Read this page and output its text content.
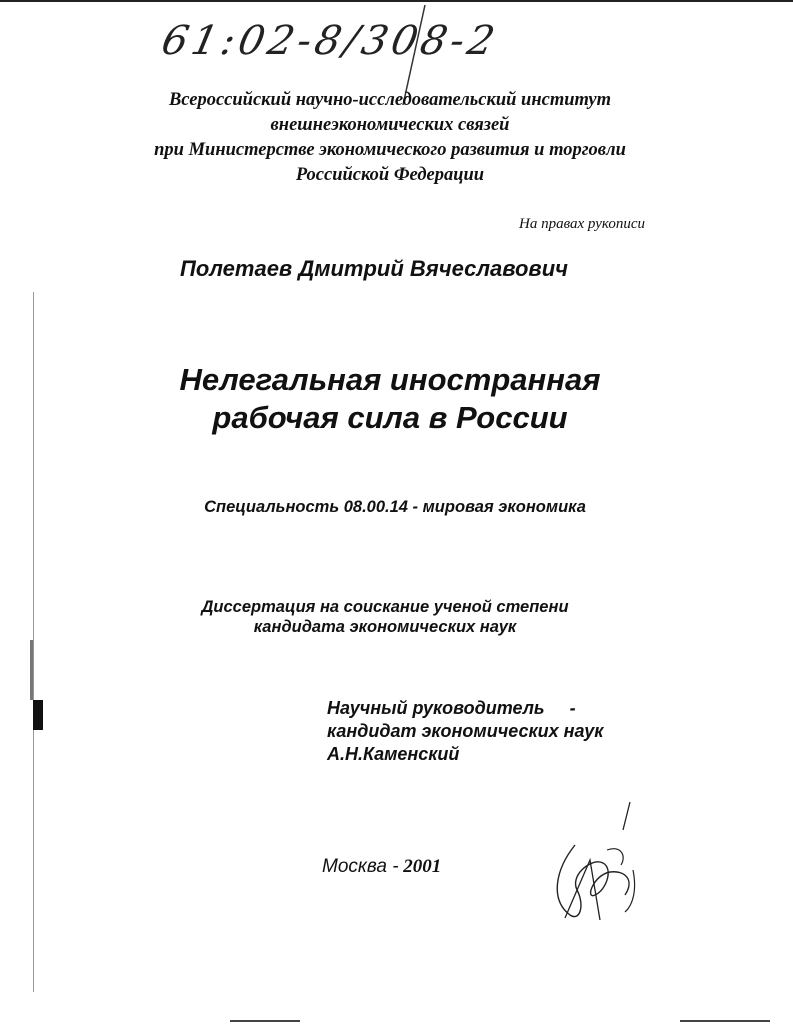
61:02-8/308-2
Всероссийский научно-исследовательский институт
внешнеэкономических связей
при Министерстве экономического развития и торговли
Российской Федерации
На правах рукописи
Полетаев Дмитрий Вячеславович
Нелегальная иностранная
рабочая сила в России
Специальность 08.00.14 - мировая экономика
Диссертация на соискание ученой степени
кандидата экономических наук
Научный руководитель     -
кандидат экономических наук
А.Н.Каменский
Москва - 2001
